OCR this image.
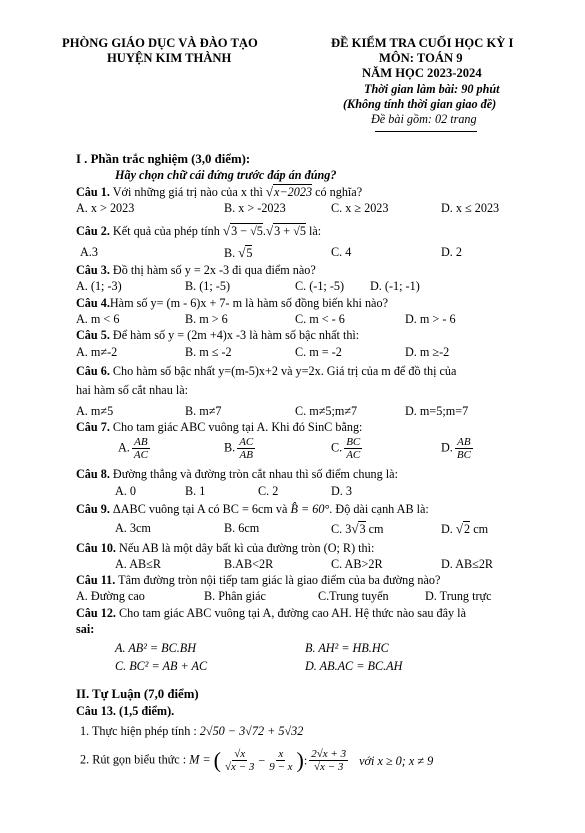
PHÒNG GIÁO DỤC VÀ ĐÀO TẠO
HUYỆN KIM THÀNH
ĐỀ KIỂM TRA CUỐI HỌC KỲ I
MÔN: TOÁN 9
NĂM HỌC 2023-2024
Thời gian làm bài: 90 phút
(Không tính thời gian giao đề)
Đề bài gồm: 02 trang
I . Phần trắc nghiệm (3,0 điểm):
Hãy chọn chữ cái đứng trước đáp án đúng?
Câu 1. Với những giá trị nào của x thì √x−2023 có nghĩa?
A. x > 2023	B. x > -2023	C. x ≥ 2023	D. x ≤ 2023
Câu 2. Kết quả của phép tính √3 − √5.√3 + √5 là:
A.3	B. √5	C. 4	D. 2
Câu 3. Đồ thị hàm số y = 2x -3 đi qua điểm nào?
A. (1; -3)	B. (1; -5)	C. (-1; -5) D. (-1; -1)
Câu 4.Hàm số y= (m - 6)x + 7- m là hàm số đồng biến khi nào?
A. m < 6	B. m > 6	C. m < - 6	D. m > - 6
Câu 5. Để hàm số y = (2m +4)x -3 là hàm số bậc nhất thì:
A. m≠-2	B. m ≤ -2	C. m = -2	D. m ≥-2
Câu 6. Cho hàm số bậc nhất y=(m-5)x+2 và y=2x. Giá trị của m để đồ thị của
hai hàm số cắt nhau là:
A. m≠5	B. m≠7	C. m≠5;m≠7	D. m=5;m=7
Câu 7. Cho tam giác ABC vuông tại A. Khi đó SinC bằng:
A. $\frac{AB}{AC}$	B. $\frac{AC}{AB}$	C. $\frac{BC}{AC}$	D. $\frac{AB}{BC}$
Câu 8. Đường thẳng và đường tròn cắt nhau thì số điểm chung là:
A. 0	B. 1	C. 2	D. 3
Câu 9. ΔABC vuông tại A có BC = 6cm và B̂ = 60°. Độ dài cạnh AB là:
A. 3cm	B. 6cm	C. 3√3 cm	D. √2 cm
Câu 10. Nếu AB là một dây bất kì của đường tròn (O; R) thì:
A. AB≤R	B.AB<2R	C. AB>2R	D. AB≤2R
Câu 11. Tâm đường tròn nội tiếp tam giác là giao điểm của ba đường nào?
A. Đường cao	B. Phân giác	C.Trung tuyến	D. Trung trực
Câu 12. Cho tam giác ABC vuông tại A, đường cao AH. Hệ thức nào sau đây là
sai:
A. AB² = BC.BH	B. AH² = HB.HC
C. BC² = AB + AC	D. AB.AC = BC.AH
II. Tự Luận (7,0 điểm)
Câu 13. (1,5 điểm).
1. Thực hiện phép tính : 2√50 − 3√72 + 5√32
2. Rút gọn biểu thức : M = ( $\frac{√x}{√x - 3} - \frac{x}{9 - x}$ ): $\frac{2√x + 3}{√x - 3}$ với x ≥ 0; x ≠ 9
